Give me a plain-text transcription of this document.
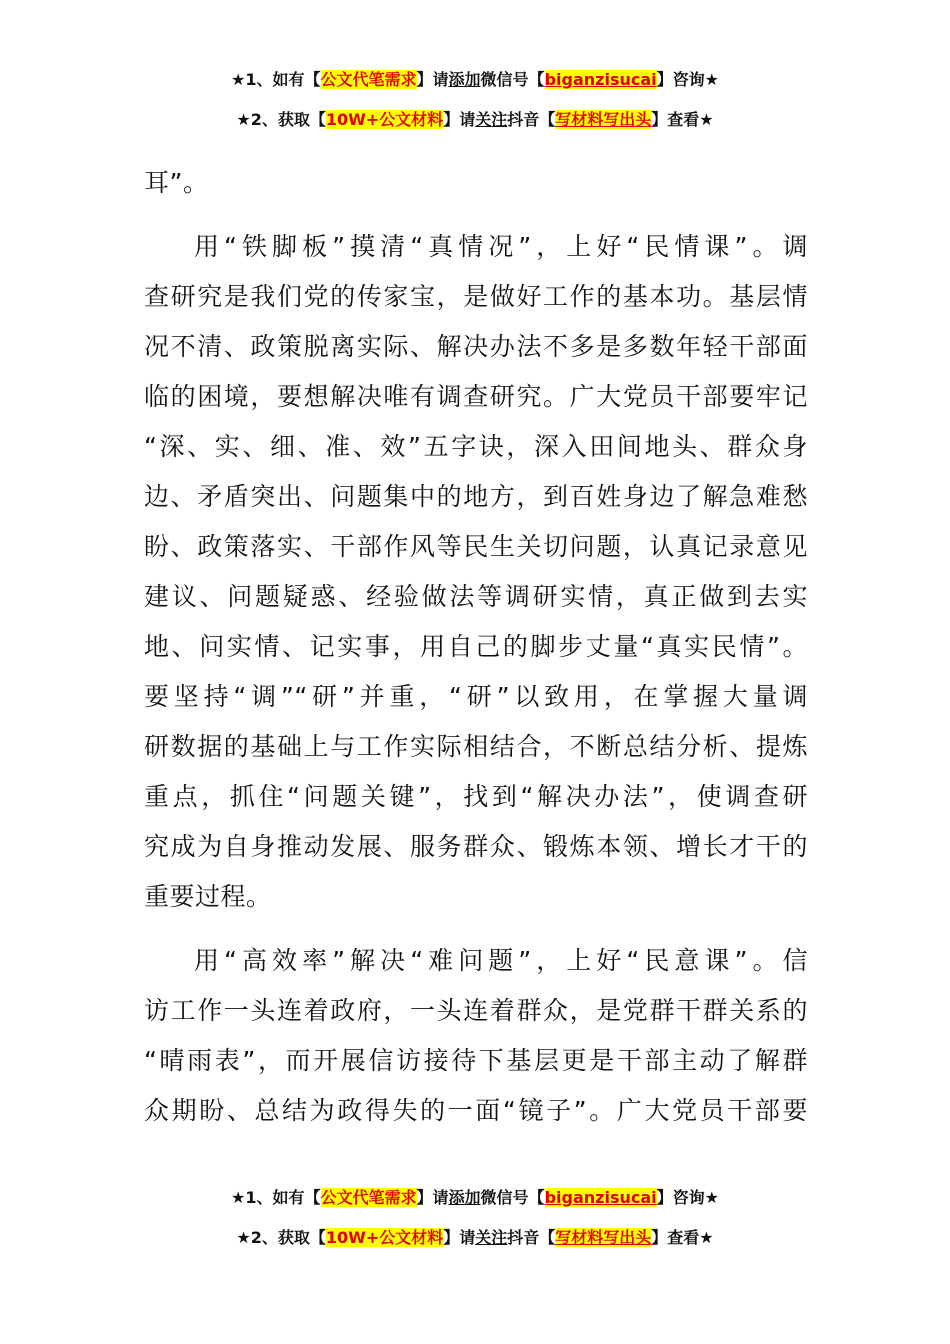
★1、如有【公文代笔需求】请添加微信号【biganzisucai】咨询★
★2、获取【10W+公文材料】请关注抖音【写材料写出头】查看★
耳”。
用“铁脚板”摸清“真情况”，上好“民情课”。调
查研究是我们党的传家宝，是做好工作的基本功。基层情
况不清、政策脱离实际、解决办法不多是多数年轻干部面
临的困境，要想解决唯有调查研究。广大党员干部要牢记
“深、实、细、准、效”五字诀，深入田间地头、群众身
边、矛盾突出、问题集中的地方，到百姓身边了解急难愁
盼、政策落实、干部作风等民生关切问题，认真记录意见
建议、问题疑惑、经验做法等调研实情，真正做到去实
地、问实情、记实事，用自己的脚步丈量“真实民情”。
要坚持“调”“研”并重，“研”以致用，在掌握大量调
研数据的基础上与工作实际相结合，不断总结分析、提炼
重点，抓住“问题关键”，找到“解决办法”，使调查研
究成为自身推动发展、服务群众、锻炼本领、增长才干的
重要过程。
用“高效率”解决“难问题”，上好“民意课”。信
访工作一头连着政府，一头连着群众，是党群干群关系的
“晴雨表”，而开展信访接待下基层更是干部主动了解群
众期盼、总结为政得失的一面“镜子”。广大党员干部要
★1、如有【公文代笔需求】请添加微信号【biganzisucai】咨询★
★2、获取【10W+公文材料】请关注抖音【写材料写出头】查看★
